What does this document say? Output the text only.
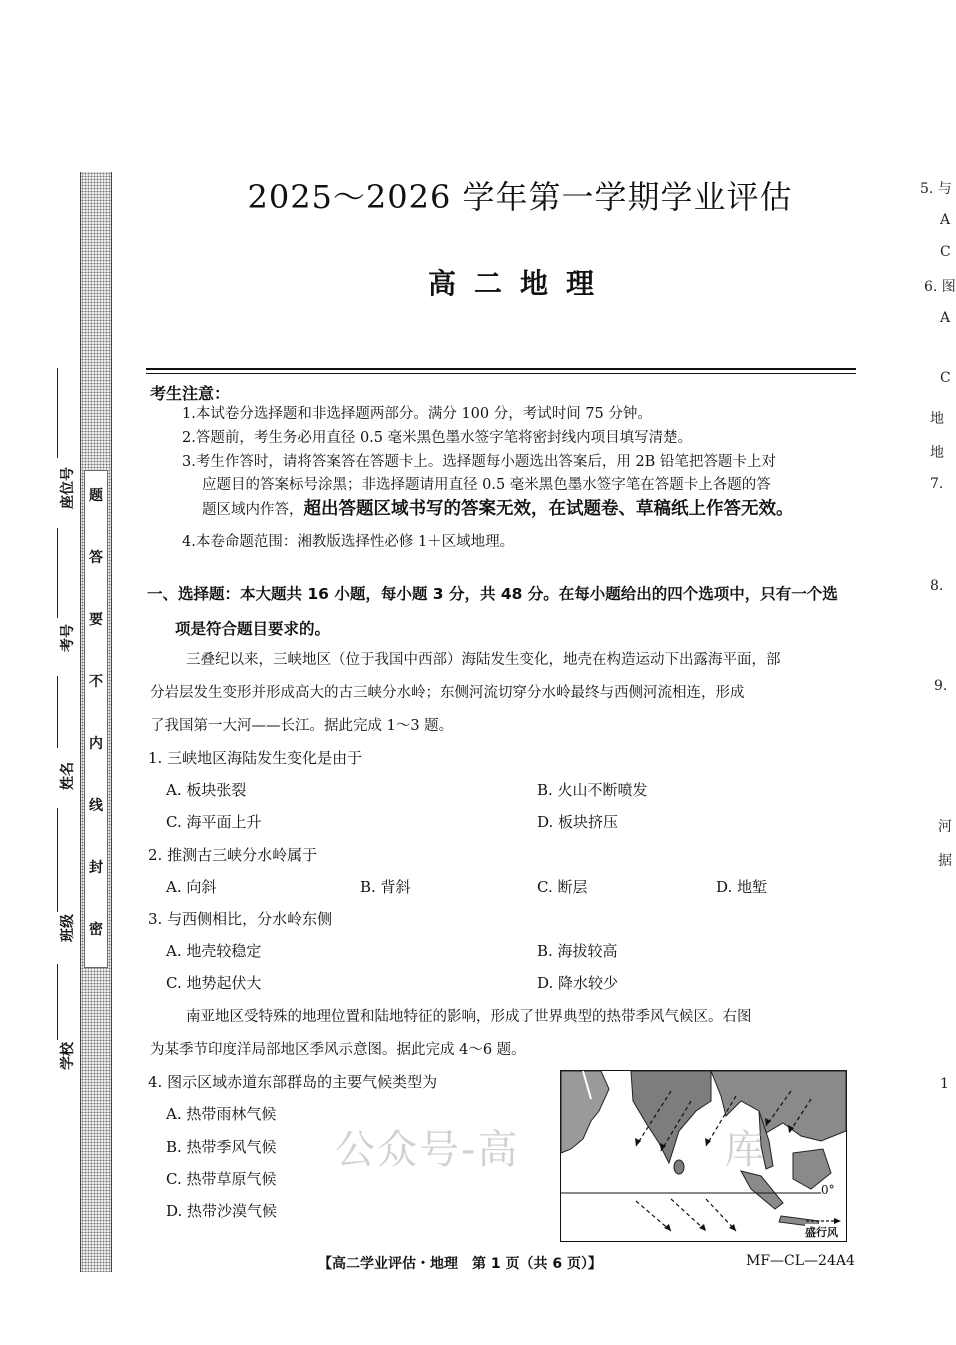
题
答
要
不
内
线
封
密
座位号
考号
姓名
班级
学校
2025～2026 学年第一学期学业评估
高二地理
考生注意：
1.本试卷分选择题和非选择题两部分。满分 100 分，考试时间 75 分钟。
2.答题前，考生务必用直径 0.5 毫米黑色墨水签字笔将密封线内项目填写清楚。
3.考生作答时，请将答案答在答题卡上。选择题每小题选出答案后，用 2B 铅笔把答题卡上对
应题目的答案标号涂黑；非选择题请用直径 0.5 毫米黑色墨水签字笔在答题卡上各题的答
题区域内作答，超出答题区域书写的答案无效，在试题卷、草稿纸上作答无效。
4.本卷命题范围：湘教版选择性必修 1＋区域地理。
一、选择题：本大题共 16 小题，每小题 3 分，共 48 分。在每小题给出的四个选项中，只有一个选
项是符合题目要求的。
三叠纪以来，三峡地区（位于我国中西部）海陆发生变化，地壳在构造运动下出露海平面，部
分岩层发生变形并形成高大的古三峡分水岭；东侧河流切穿分水岭最终与西侧河流相连，形成
了我国第一大河——长江。据此完成 1～3 题。
1. 三峡地区海陆发生变化是由于
A. 板块张裂	B. 火山不断喷发
C. 海平面上升	D. 板块挤压
2. 推测古三峡分水岭属于
A. 向斜	B. 背斜	C. 断层	D. 地堑
3. 与西侧相比，分水岭东侧
A. 地壳较稳定	B. 海拔较高
C. 地势起伏大	D. 降水较少
南亚地区受特殊的地理位置和陆地特征的影响，形成了世界典型的热带季风气候区。右图
为某季节印度洋局部地区季风示意图。据此完成 4～6 题。
4. 图示区域赤道东部群岛的主要气候类型为
A. 热带雨林气候
B. 热带季风气候
C. 热带草原气候
D. 热带沙漠气候
0°
盛行风
公众号-高	库
【高二学业评估・地理　第 1 页（共 6 页）】	MF—CL—24A4
5. 与
A
C
6. 图
A
C
地
地
7.
8.
9.
河
据
1
